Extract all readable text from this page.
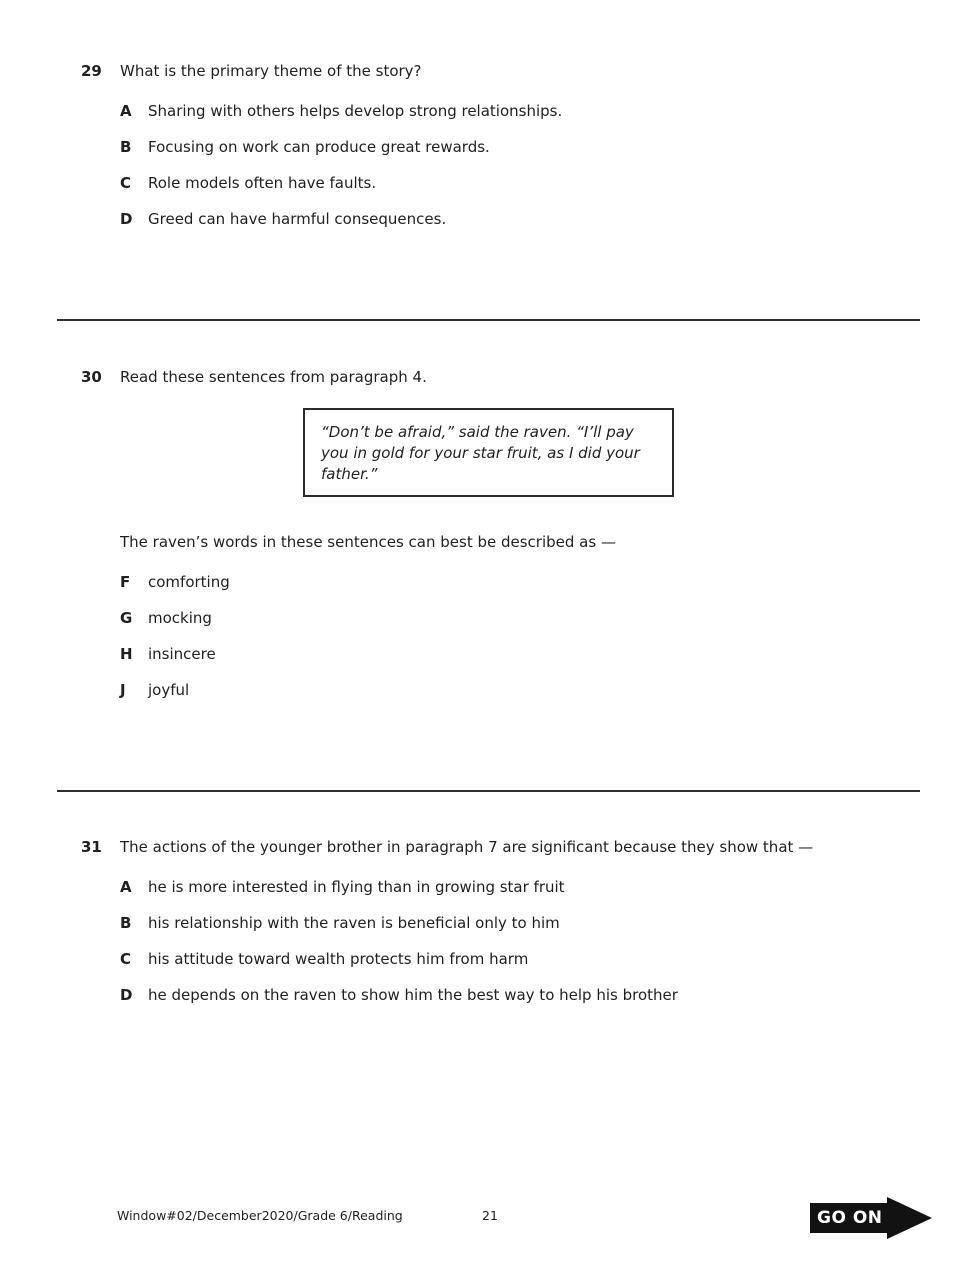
29	What is the primary theme of the story?
A	Sharing with others helps develop strong relationships.
B	Focusing on work can produce great rewards.
C	Role models often have faults.
D	Greed can have harmful consequences.
30	Read these sentences from paragraph 4.
“Don’t be afraid,” said the raven. “I’ll pay you in gold for your star fruit, as I did your father.”
The raven’s words in these sentences can best be described as —
F	comforting
G	mocking
H	insincere
J	joyful
31	The actions of the younger brother in paragraph 7 are significant because they show that —
A	he is more interested in flying than in growing star fruit
B	his relationship with the raven is beneficial only to him
C	his attitude toward wealth protects him from harm
D	he depends on the raven to show him the best way to help his brother
Window#02/December2020/Grade 6/Reading	21	GO ON
